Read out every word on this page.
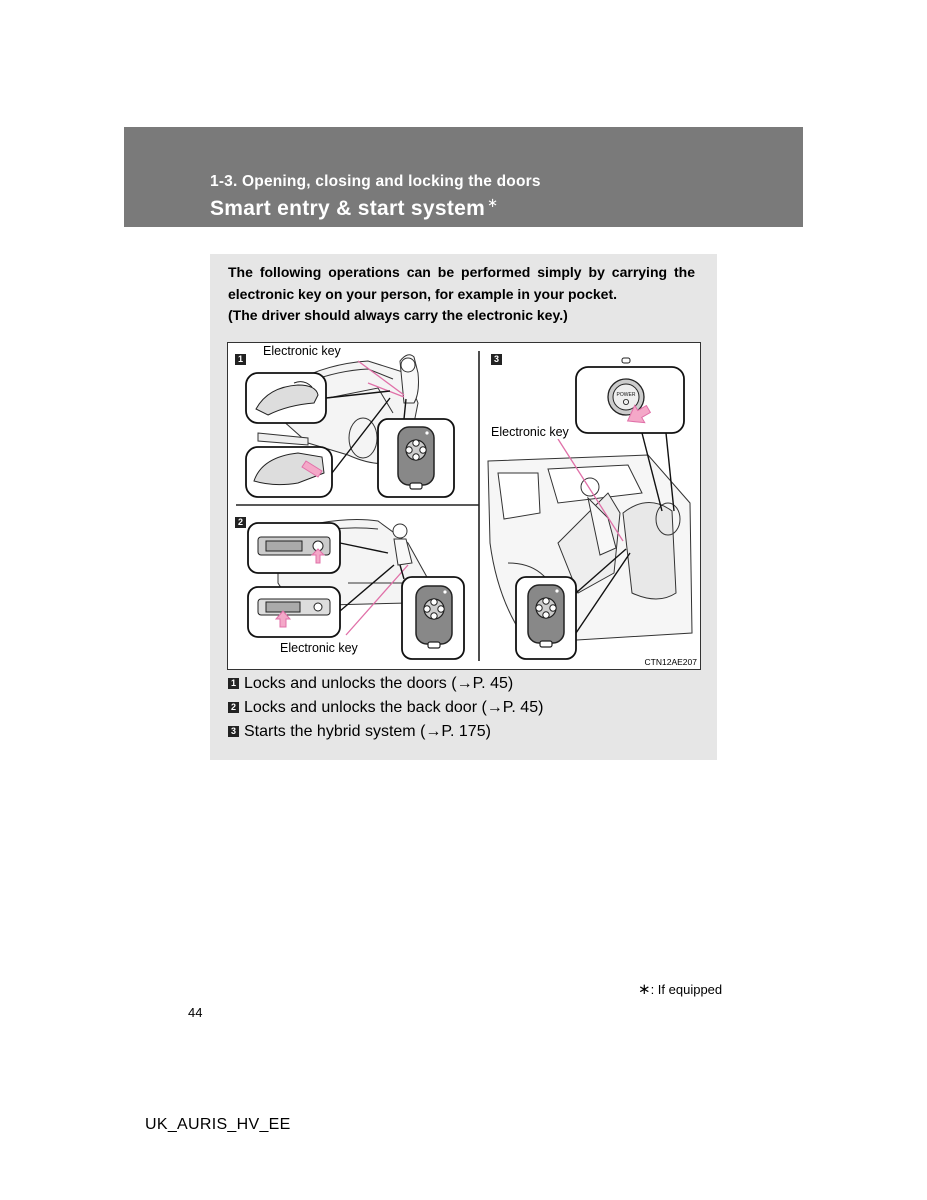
1-3. Opening, closing and locking the doors
Smart entry & start system ∗

The following operations can be performed simply by carrying the electronic key on your person, for example in your pocket.

(The driver should always carry the electronic key.)

POWER
1
2
3
Electronic key
Electronic key
Electronic key
CTN12AE207
1 Locks and unlocks the doors (→P. 45)
2 Locks and unlocks the back door (→P. 45)
3 Starts the hybrid system (→P. 175)
∗: If equipped
44
UK_AURIS_HV_EE
